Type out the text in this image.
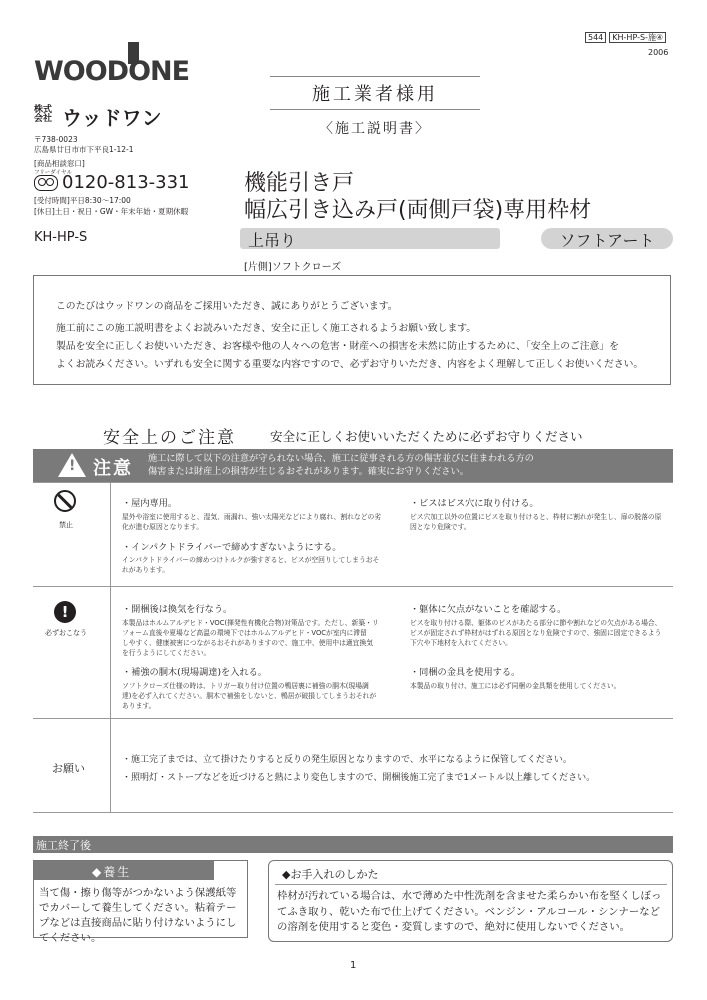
544 KH-HP-S-施④
2006
WOODONE
株式会社 ウッドワン
〒738-0023
広島県廿日市市下平良1-12-1
[商品相談窓口]
フリーダイヤル
0120-813-331
[受付時間]平日8:30〜17:00
[休日]土日・祝日・GW・年末年始・夏期休暇
KH-HP-S
施工業者様用
〈施工説明書〉
機能引き戸
幅広引き込み戸(両側戸袋)専用枠材
上吊り	ソフトアート
[片側]ソフトクローズ

このたびはウッドワンの商品をご採用いただき、誠にありがとうございます。

施工前にこの施工説明書をよくお読みいただき、安全に正しく施工されるようお願い致します。

製品を安全に正しくお使いいただき、お客様や他の人々への危害・財産への損害を未然に防止するために、「安全上のご注意」を

よくお読みください。いずれも安全に関する重要な内容ですので、必ずお守りいただき、内容をよく理解して正しくお使いください。

安全上のご注意	安全に正しくお使いいただくために必ずお守りください
!
注意 施工に際して以下の注意が守られない場合、施工に従事される方の傷害並びに住まわれる方の
傷害または財産上の損害が生じるおそれがあります。確実にお守りください。
禁止
・屋内専用。
屋外や浴室に使用すると、湿気、雨漏れ、強い太陽光などにより腐れ、割れなどの劣
化が進む原因となります。
・インパクトドライバーで締めすぎないようにする。
インパクトドライバーの締めつけトルクが強すぎると、ビスが空回りしてしまうおそ
れがあります。
・ビスはビス穴に取り付ける。
ビス穴加工以外の位置にビスを取り付けると、枠材に割れが発生し、扉の脱落の原
因となり危険です。
!
必ずおこなう
・開梱後は換気を行なう。
本製品はホルムアルデヒド・VOC(揮発性有機化合物)対策品です。ただし、新築・リ
フォーム直後や夏場など高温の環境下ではホルムアルデヒド・VOCが室内に滞留
しやすく、健康被害につながるおそれがありますので、施工中、使用中は適宜換気
を行うようにしてください。
・補強の胴木(現場調達)を入れる。
ソフトクローズ仕様の時は、トリガー取り付け位置の鴨居裏に補強の胴木(現場調
達)を必ず入れてください。胴木で補強をしないと、鴨居が破損してしまうおそれが
あります。
・躯体に欠点がないことを確認する。
ビスを取り付ける際、躯体のビスがあたる部分に節や割れなどの欠点がある場合、
ビスが固定されず枠材がはずれる原因となり危険ですので、強固に固定できるよう
下穴や下地材を入れてください。
・同梱の金具を使用する。
本製品の取り付け、施工には必ず同梱の金具類を使用してください。
お願い
・施工完了までは、立て掛けたりすると反りの発生原因となりますので、水平になるように保管してください。
・照明灯・ストーブなどを近づけると熱により変色しますので、開梱後施工完了まで1メートル以上離してください。
施工終了後
◆養生
当て傷・擦り傷等がつかないよう保護紙等でカバーして養生してください。粘着テープなどは直接商品に貼り付けないようにしてください。
◆お手入れのしかた
枠材が汚れている場合は、水で薄めた中性洗剤を含ませた柔らかい布を堅くしぼってふき取り、乾いた布で仕上げてください。ベンジン・アルコール・シンナーなどの溶剤を使用すると変色・変質しますので、絶対に使用しないでください。
1
